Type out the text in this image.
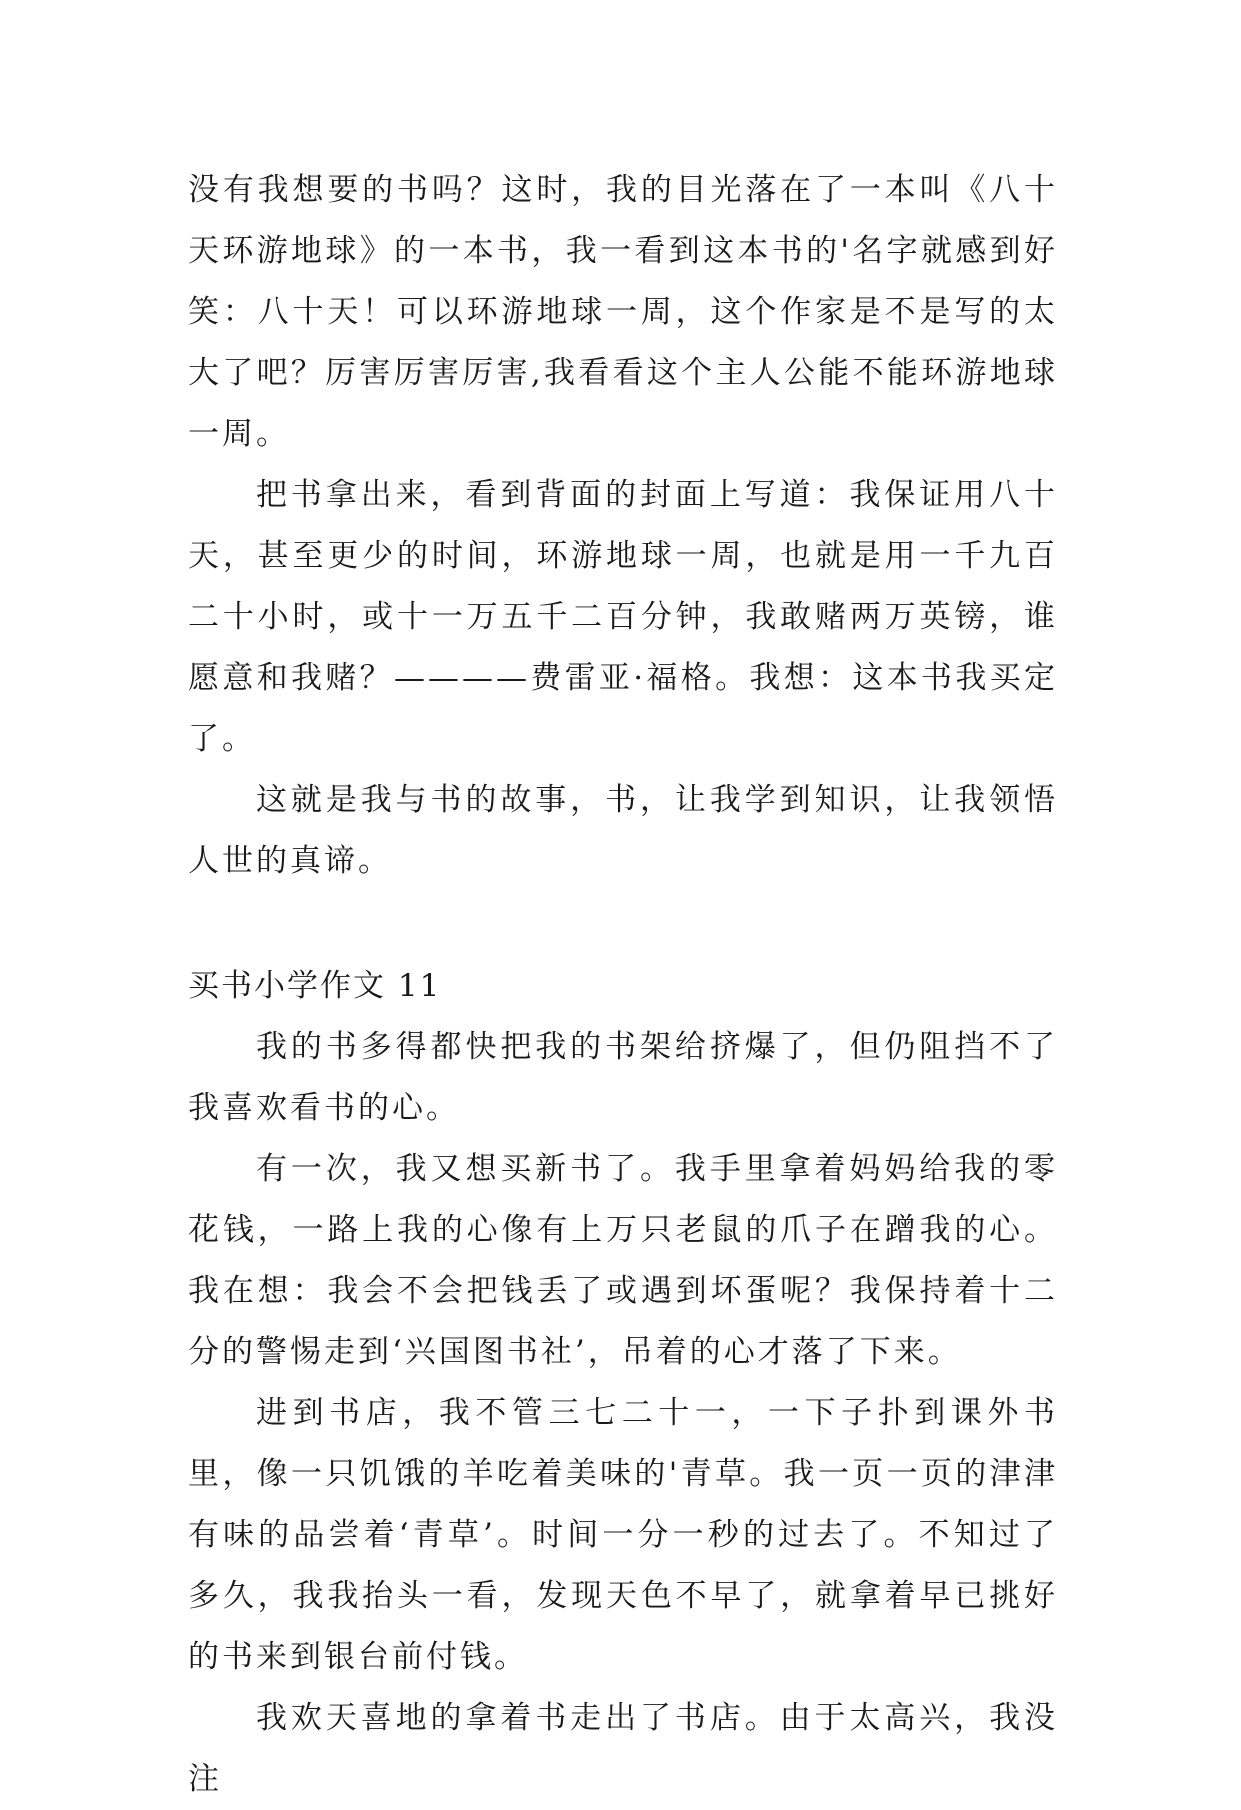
没有我想要的书吗？这时，我的目光落在了一本叫《八十天环游地球》的一本书，我一看到这本书的'名字就感到好笑：八十天！可以环游地球一周，这个作家是不是写的太大了吧？厉害厉害厉害,我看看这个主人公能不能环游地球一周。

把书拿出来，看到背面的封面上写道：我保证用八十天，甚至更少的时间，环游地球一周，也就是用一千九百二十小时，或十一万五千二百分钟，我敢赌两万英镑，谁愿意和我赌？————费雷亚·福格。我想：这本书我买定了。

这就是我与书的故事，书，让我学到知识，让我领悟人世的真谛。

买书小学作文 11

我的书多得都快把我的书架给挤爆了，但仍阻挡不了我喜欢看书的心。

有一次，我又想买新书了。我手里拿着妈妈给我的零花钱，一路上我的心像有上万只老鼠的爪子在蹭我的心。我在想：我会不会把钱丢了或遇到坏蛋呢？我保持着十二分的警惕走到‘兴国图书社’，吊着的心才落了下来。

进到书店，我不管三七二十一，一下子扑到课外书里，像一只饥饿的羊吃着美味的'青草。我一页一页的津津有味的品尝着‘青草’。时间一分一秒的过去了。不知过了多久，我我抬头一看，发现天色不早了，就拿着早已挑好的书来到银台前付钱。

我欢天喜地的拿着书走出了书店。由于太高兴，我没注
